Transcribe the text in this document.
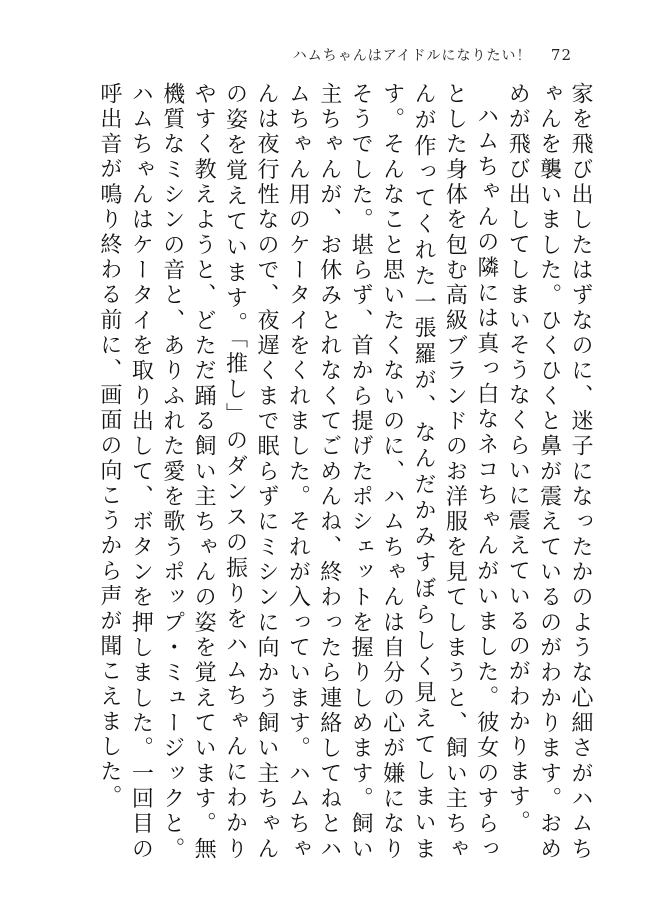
ハムちゃんはアイドルになりたい！ 72

家を飛び出したはずなのに、迷子になったかのような心細さがハムちゃんを襲いました。ひくひくと鼻が震えているのがわかります。おめめが飛び出してしまいそうなくらいに震えているのがわかります。

ハムちゃんの隣には真っ白なネコちゃんがいました。彼女のすらっとした身体を包む高級ブランドのお洋服を見てしまうと、飼い主ちゃんが作ってくれた一張羅が、なんだかみすぼらしく見えてしまいます。そんなこと思いたくないのに、ハムちゃんは自分の心が嫌になりそうでした。堪らず、首から提げたポシェットを握りしめます。飼い主ちゃんが、お休みとれなくてごめんね、終わったら連絡してねとハムちゃん用のケータイをくれました。それが入っています。ハムちゃんは夜行性なので、夜遅くまで眠らずにミシンに向かう飼い主ちゃんの姿を覚えています。「推し」のダンスの振りをハムちゃんにわかりやすく教えようと、どただ踊る飼い主ちゃんの姿を覚えています。無機質なミシンの音と、ありふれた愛を歌うポップ・ミュージックと。ハムちゃんはケータイを取り出して、ボタンを押しました。一回目の呼出音が鳴り終わる前に、画面の向こうから声が聞こえました。
